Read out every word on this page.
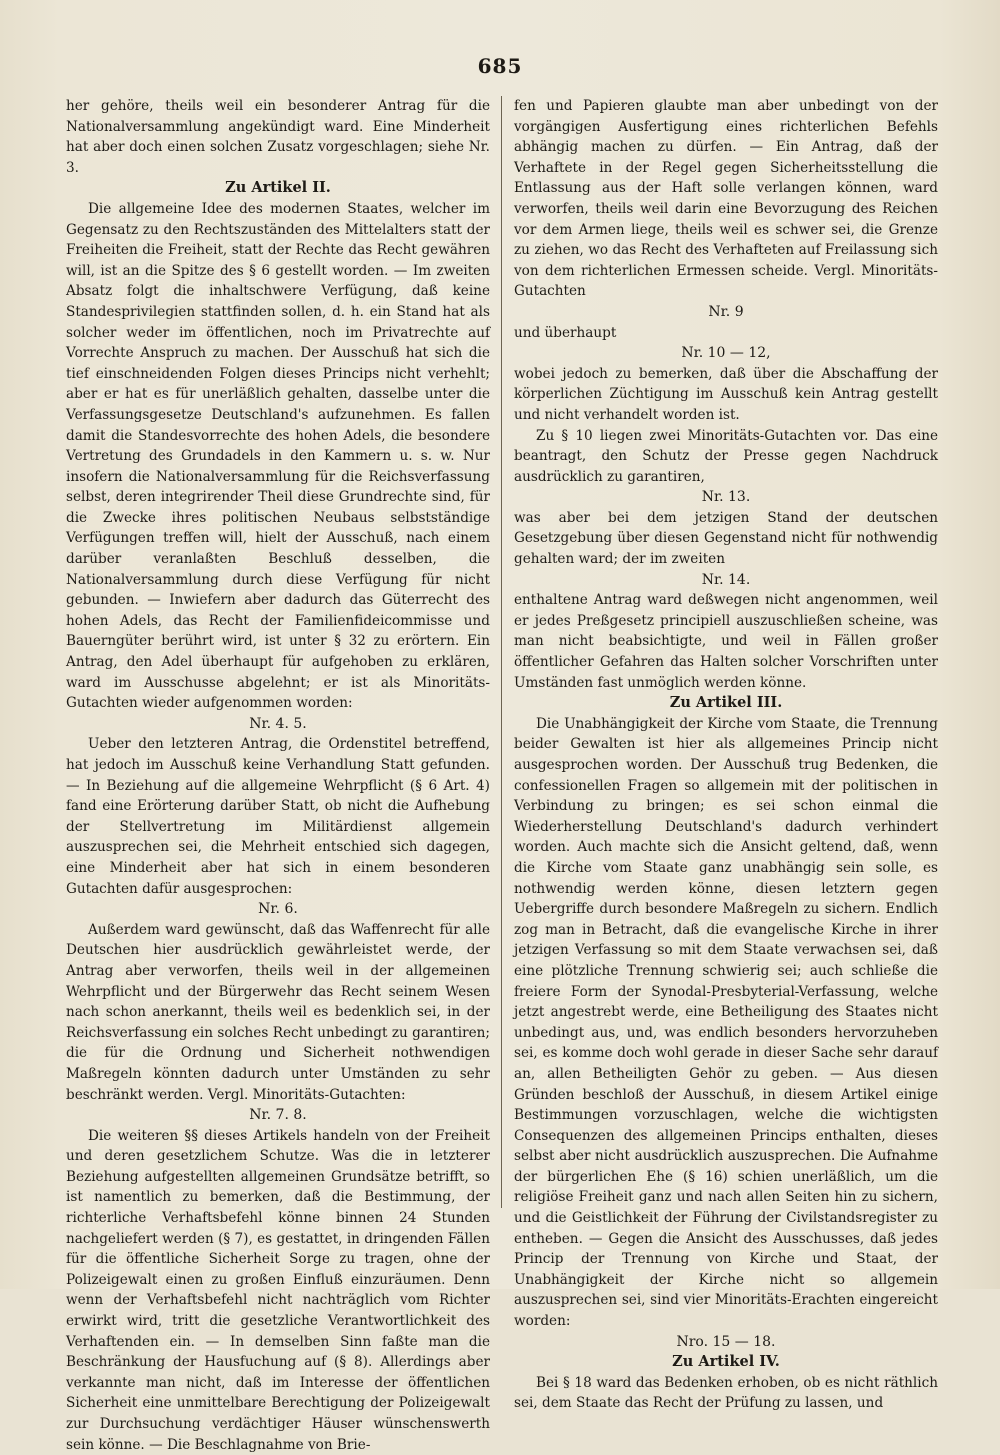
685

her gehöre, theils weil ein besonderer Antrag für die Nationalversammlung angekündigt ward. Eine Minderheit hat aber doch einen solchen Zusatz vorgeschlagen; siehe Nr. 3.

Zu Artikel II.

Die allgemeine Idee des modernen Staates, welcher im Gegensatz zu den Rechtszuständen des Mittelalters statt der Freiheiten die Freiheit, statt der Rechte das Recht gewähren will, ist an die Spitze des § 6 gestellt worden. — Im zweiten Absatz folgt die inhaltschwere Verfügung, daß keine Standesprivilegien stattfinden sollen, d. h. ein Stand hat als solcher weder im öffentlichen, noch im Privatrechte auf Vorrechte Anspruch zu machen. Der Ausschuß hat sich die tief einschneidenden Folgen dieses Princips nicht verhehlt; aber er hat es für unerläßlich gehalten, dasselbe unter die Verfassungsgesetze Deutschland's aufzunehmen. Es fallen damit die Standesvorrechte des hohen Adels, die besondere Vertretung des Grundadels in den Kammern u. s. w. Nur insofern die Nationalversammlung für die Reichsverfassung selbst, deren integrirender Theil diese Grundrechte sind, für die Zwecke ihres politischen Neubaus selbstständige Verfügungen treffen will, hielt der Ausschuß, nach einem darüber veranlaßten Beschluß desselben, die Nationalversammlung durch diese Verfügung für nicht gebunden. — Inwiefern aber dadurch das Güterrecht des hohen Adels, das Recht der Familienfideicommisse und Bauerngüter berührt wird, ist unter § 32 zu erörtern. Ein Antrag, den Adel überhaupt für aufgehoben zu erklären, ward im Ausschusse abgelehnt; er ist als Minoritäts-Gutachten wieder aufgenommen worden:

Nr. 4. 5.

Ueber den letzteren Antrag, die Ordenstitel betreffend, hat jedoch im Ausschuß keine Verhandlung Statt gefunden. — In Beziehung auf die allgemeine Wehrpflicht (§ 6 Art. 4) fand eine Erörterung darüber Statt, ob nicht die Aufhebung der Stellvertretung im Militärdienst allgemein auszusprechen sei, die Mehrheit entschied sich dagegen, eine Minderheit aber hat sich in einem besonderen Gutachten dafür ausgesprochen:

Nr. 6.

Außerdem ward gewünscht, daß das Waffenrecht für alle Deutschen hier ausdrücklich gewährleistet werde, der Antrag aber verworfen, theils weil in der allgemeinen Wehrpflicht und der Bürgerwehr das Recht seinem Wesen nach schon anerkannt, theils weil es bedenklich sei, in der Reichsverfassung ein solches Recht unbedingt zu garantiren; die für die Ordnung und Sicherheit nothwendigen Maßregeln könnten dadurch unter Umständen zu sehr beschränkt werden. Vergl. Minoritäts-Gutachten:

Nr. 7. 8.

Die weiteren §§ dieses Artikels handeln von der Freiheit und deren gesetzlichem Schutze. Was die in letzterer Beziehung aufgestellten allgemeinen Grundsätze betrifft, so ist namentlich zu bemerken, daß die Bestimmung, der richterliche Verhaftsbefehl könne binnen 24 Stunden nachgeliefert werden (§ 7), es gestattet, in dringenden Fällen für die öffentliche Sicherheit Sorge zu tragen, ohne der Polizeigewalt einen zu großen Einfluß einzuräumen. Denn wenn der Verhaftsbefehl nicht nachträglich vom Richter erwirkt wird, tritt die gesetzliche Verantwortlichkeit des Verhaftenden ein. — In demselben Sinn faßte man die Beschränkung der Hausfuchung auf (§ 8). Allerdings aber verkannte man nicht, daß im Interesse der öffentlichen Sicherheit eine unmittelbare Berechtigung der Polizeigewalt zur Durchsuchung verdächtiger Häuser wünschenswerth sein könne. — Die Beschlagnahme von Brie-

fen und Papieren glaubte man aber unbedingt von der vorgängigen Ausfertigung eines richterlichen Befehls abhängig machen zu dürfen. — Ein Antrag, daß der Verhaftete in der Regel gegen Sicherheitsstellung die Entlassung aus der Haft solle verlangen können, ward verworfen, theils weil darin eine Bevorzugung des Reichen vor dem Armen liege, theils weil es schwer sei, die Grenze zu ziehen, wo das Recht des Verhafteten auf Freilassung sich von dem richterlichen Ermessen scheide. Vergl. Minoritäts-Gutachten

Nr. 9

und überhaupt

Nr. 10 — 12,

wobei jedoch zu bemerken, daß über die Abschaffung der körperlichen Züchtigung im Ausschuß kein Antrag gestellt und nicht verhandelt worden ist.

Zu § 10 liegen zwei Minoritäts-Gutachten vor. Das eine beantragt, den Schutz der Presse gegen Nachdruck ausdrücklich zu garantiren,

Nr. 13.

was aber bei dem jetzigen Stand der deutschen Gesetzgebung über diesen Gegenstand nicht für nothwendig gehalten ward; der im zweiten

Nr. 14.

enthaltene Antrag ward deßwegen nicht angenommen, weil er jedes Preßgesetz principiell auszuschließen scheine, was man nicht beabsichtigte, und weil in Fällen großer öffentlicher Gefahren das Halten solcher Vorschriften unter Umständen fast unmöglich werden könne.

Zu Artikel III.

Die Unabhängigkeit der Kirche vom Staate, die Trennung beider Gewalten ist hier als allgemeines Princip nicht ausgesprochen worden. Der Ausschuß trug Bedenken, die confessionellen Fragen so allgemein mit der politischen in Verbindung zu bringen; es sei schon einmal die Wiederherstellung Deutschland's dadurch verhindert worden. Auch machte sich die Ansicht geltend, daß, wenn die Kirche vom Staate ganz unabhängig sein solle, es nothwendig werden könne, diesen letztern gegen Uebergriffe durch besondere Maßregeln zu sichern. Endlich zog man in Betracht, daß die evangelische Kirche in ihrer jetzigen Verfassung so mit dem Staate verwachsen sei, daß eine plötzliche Trennung schwierig sei; auch schließe die freiere Form der Synodal-Presbyterial-Verfassung, welche jetzt angestrebt werde, eine Betheiligung des Staates nicht unbedingt aus, und, was endlich besonders hervorzuheben sei, es komme doch wohl gerade in dieser Sache sehr darauf an, allen Betheiligten Gehör zu geben. — Aus diesen Gründen beschloß der Ausschuß, in diesem Artikel einige Bestimmungen vorzuschlagen, welche die wichtigsten Consequenzen des allgemeinen Princips enthalten, dieses selbst aber nicht ausdrücklich auszusprechen. Die Aufnahme der bürgerlichen Ehe (§ 16) schien unerläßlich, um die religiöse Freiheit ganz und nach allen Seiten hin zu sichern, und die Geistlichkeit der Führung der Civilstandsregister zu entheben. — Gegen die Ansicht des Ausschusses, daß jedes Princip der Trennung von Kirche und Staat, der Unabhängigkeit der Kirche nicht so allgemein auszusprechen sei, sind vier Minoritäts-Erachten eingereicht worden:

Nro. 15 — 18.
Zu Artikel IV.

Bei § 18 ward das Bedenken erhoben, ob es nicht räthlich sei, dem Staate das Recht der Prüfung zu lassen, und
